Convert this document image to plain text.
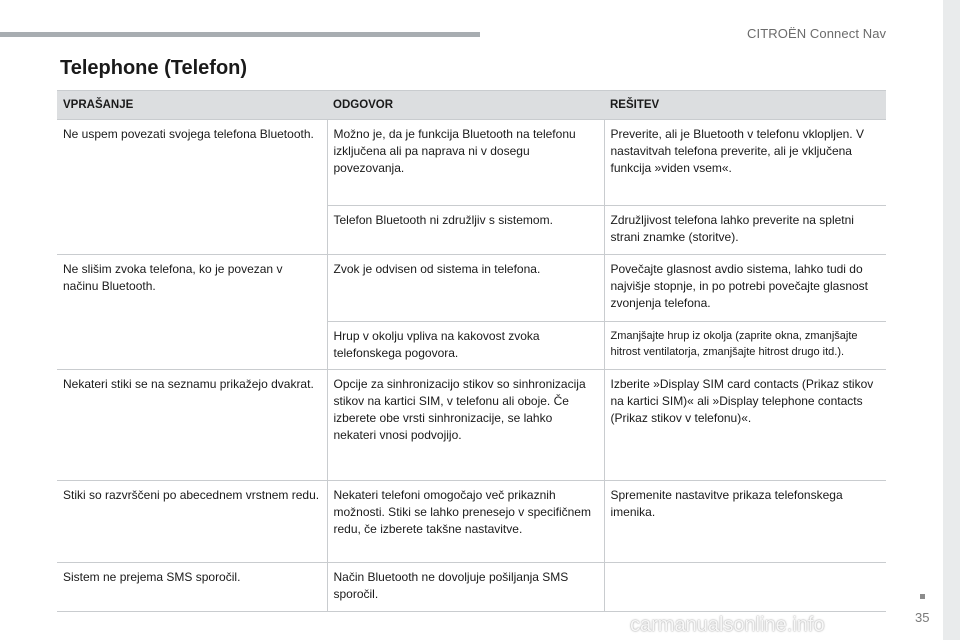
CITROËN Connect Nav
Telephone (Telefon)
VPRAŠANJE	ODGOVOR	REŠITEV
Ne uspem povezati svojega telefona Bluetooth.	Možno je, da je funkcija Bluetooth na telefonu izključena ali pa naprava ni v dosegu povezovanja.	Preverite, ali je Bluetooth v telefonu vklopljen. V nastavitvah telefona preverite, ali je vključena funkcija »viden vsem«.
	Telefon Bluetooth ni združljiv s sistemom.	Združljivost telefona lahko preverite na spletni strani znamke (storitve).
Ne slišim zvoka telefona, ko je povezan v načinu Bluetooth.	Zvok je odvisen od sistema in telefona.	Povečajte glasnost avdio sistema, lahko tudi do najvišje stopnje, in po potrebi povečajte glasnost zvonjenja telefona.
	Hrup v okolju vpliva na kakovost zvoka telefonskega pogovora.	Zmanjšajte hrup iz okolja (zaprite okna, zmanjšajte hitrost ventilatorja, zmanjšajte hitrost drugo itd.).
Nekateri stiki se na seznamu prikažejo dvakrat.	Opcije za sinhronizacijo stikov so sinhronizacija stikov na kartici SIM, v telefonu ali oboje. Če izberete obe vrsti sinhronizacije, se lahko nekateri vnosi podvojijo.	Izberite »Display SIM card contacts (Prikaz stikov na kartici SIM)« ali »Display telephone contacts (Prikaz stikov v telefonu)«.
Stiki so razvrščeni po abecednem vrstnem redu.	Nekateri telefoni omogočajo več prikaznih možnosti. Stiki se lahko prenesejo v specifičnem redu, če izberete takšne nastavitve.	Spremenite nastavitve prikaza telefonskega imenika.
Sistem ne prejema SMS sporočil.	Način Bluetooth ne dovoljuje pošiljanja SMS sporočil.	
35
carmanualsonline.info
